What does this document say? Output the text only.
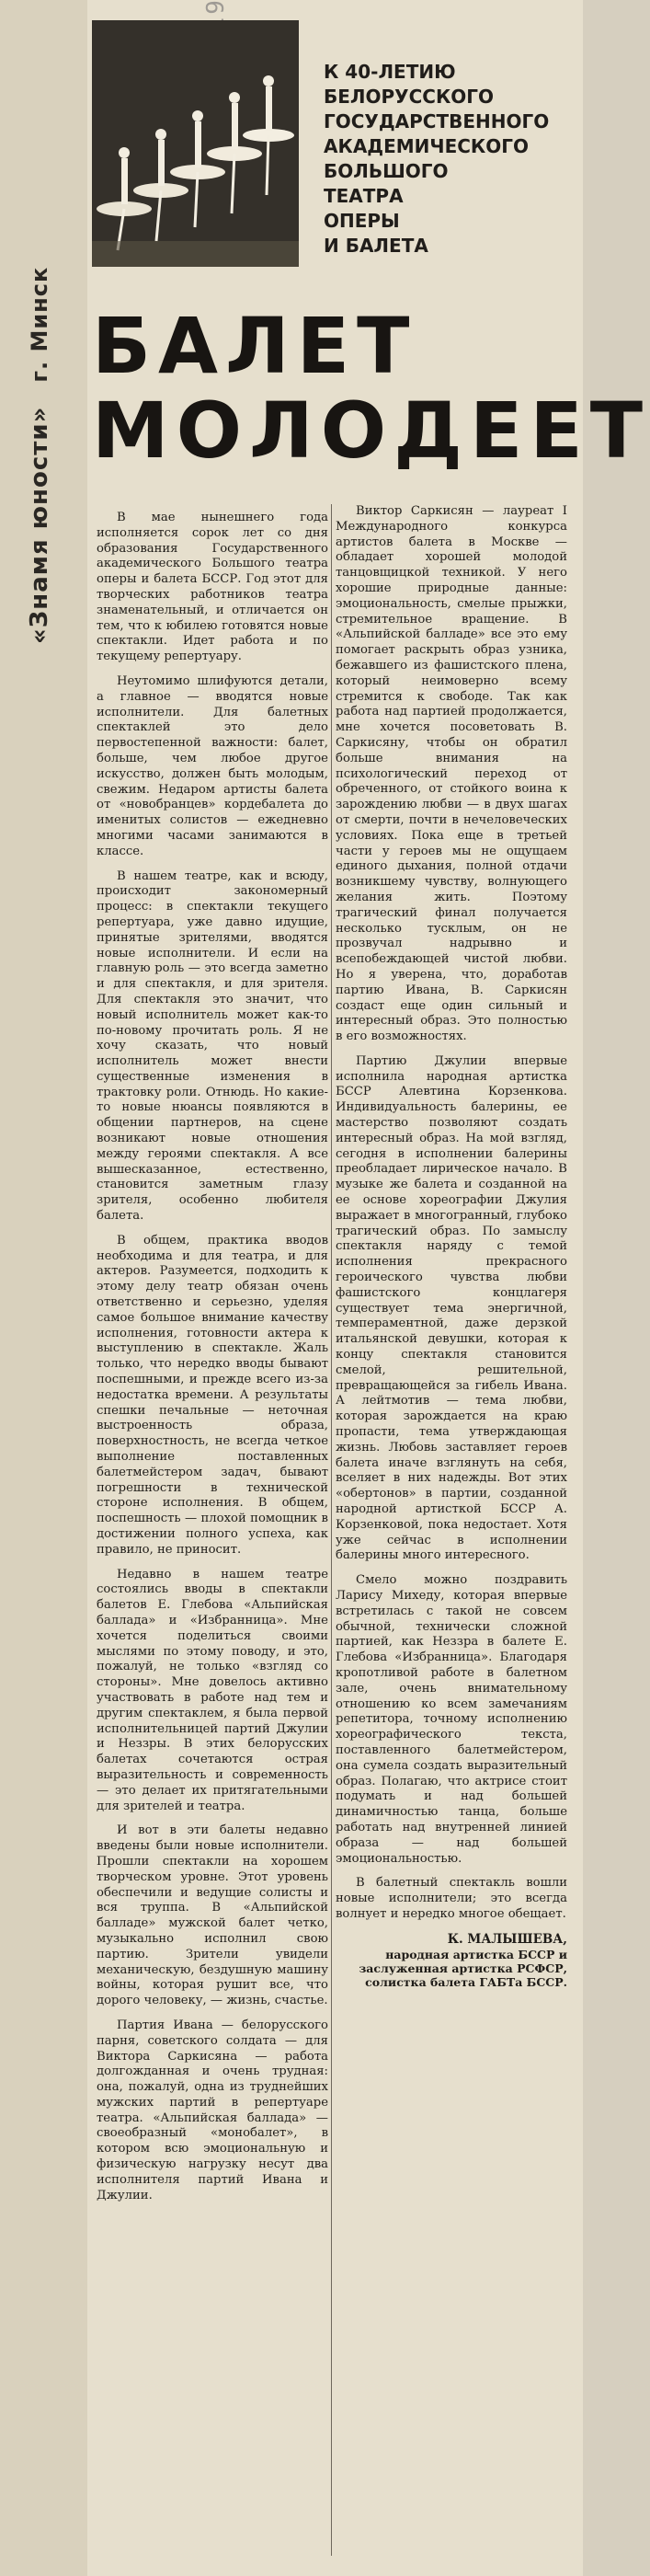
«Знамя юности» г. Минск
К 40-ЛЕТИЮ
БЕЛОРУССКОГО
ГОСУДАРСТВЕННОГО
АКАДЕМИЧЕСКОГО
БОЛЬШОГО
ТЕАТРА
ОПЕРЫ
И БАЛЕТА
БАЛЕТ
МОЛОДЕЕТ

В мае нынешнего года исполняется сорок лет со дня образования Государственного академического Большого театра оперы и балета БССР. Год этот для творческих работников театра знаменательный, и отличается он тем, что к юбилею готовятся новые спектакли. Идет работа и по текущему репертуару.

Неутомимо шлифуются детали, а главное — вводятся новые исполнители. Для балетных спектаклей это дело первостепенной важности: балет, больше, чем любое другое искусство, должен быть молодым, свежим. Недаром артисты балета от «новобранцев» кордебалета до именитых солистов — ежедневно многими часами занимаются в классе.

В нашем театре, как и всюду, происходит закономерный процесс: в спектакли текущего репертуара, уже давно идущие, принятые зрителями, вводятся новые исполнители. И если на главную роль — это всегда заметно и для спектакля, и для зрителя. Для спектакля это значит, что новый исполнитель может как-то по-новому прочитать роль. Я не хочу сказать, что новый исполнитель может внести существенные изменения в трактовку роли. Отнюдь. Но какие-то новые нюансы появляются в общении партнеров, на сцене возникают новые отношения между героями спектакля. А все вышесказанное, естественно, становится заметным глазу зрителя, особенно любителя балета.

В общем, практика вводов необходима и для театра, и для актеров. Разумеется, подходить к этому делу театр обязан очень ответственно и серьезно, уделяя самое большое внимание качеству исполнения, готовности актера к выступлению в спектакле. Жаль только, что нередко вводы бывают поспешными, и прежде всего из-за недостатка времени. А результаты спешки печальные — неточная выстроенность образа, поверхностность, не всегда четкое выполнение поставленных балетмейстером задач, бывают погрешности в технической стороне исполнения. В общем, поспешность — плохой помощник в достижении полного успеха, как правило, не приносит.

Недавно в нашем театре состоялись вводы в спектакли балетов Е. Глебова «Альпийская баллада» и «Избранница». Мне хочется поделиться своими мыслями по этому поводу, и это, пожалуй, не только «взгляд со стороны». Мне довелось активно участвовать в работе над тем и другим спектаклем, я была первой исполнительницей партий Джулии и Неззры. В этих белорусских балетах сочетаются острая выразительность и современность — это делает их притягательными для зрителей и театра.

И вот в эти балеты недавно введены были новые исполнители. Прошли спектакли на хорошем творческом уровне. Этот уровень обеспечили и ведущие солисты и вся труппа. В «Альпийской балладе» мужской балет четко, музыкально исполнил свою партию. Зрители увидели механическую, бездушную машину войны, которая рушит все, что дорого человеку, — жизнь, счастье.

Партия Ивана — белорусского парня, советского солдата — для Виктора Саркисяна — работа долгожданная и очень трудная: она, пожалуй, одна из труднейших мужских партий в репертуаре театра. «Альпийская баллада» — своеобразный «монобалет», в котором всю эмоциональную и физическую нагрузку несут два исполнителя партий Ивана и Джулии.

Виктор Саркисян — лауреат I Международного конкурса артистов балета в Москве — обладает хорошей молодой танцовщицкой техникой. У него хорошие природные данные: эмоциональность, смелые прыжки, стремительное вращение. В «Альпийской балладе» все это ему помогает раскрыть образ узника, бежавшего из фашистского плена, который неимоверно всему стремится к свободе. Так как работа над партией продолжается, мне хочется посоветовать В. Саркисяну, чтобы он обратил больше внимания на психологический переход от обреченного, от стойкого воина к зарождению любви — в двух шагах от смерти, почти в нечеловеческих условиях. Пока еще в третьей части у героев мы не ощущаем единого дыхания, полной отдачи возникшему чувству, волнующего желания жить. Поэтому трагический финал получается несколько тусклым, он не прозвучал надрывно и всепобеждающей чистой любви. Но я уверена, что, доработав партию Ивана, В. Саркисян создаст еще один сильный и интересный образ. Это полностью в его возможностях.

Партию Джулии впервые исполнила народная артистка БССР Алевтина Корзенкова. Индивидуальность балерины, ее мастерство позволяют создать интересный образ. На мой взгляд, сегодня в исполнении балерины преобладает лирическое начало. В музыке же балета и созданной на ее основе хореографии Джулия выражает в многогранный, глубоко трагический образ. По замыслу спектакля наряду с темой исполнения прекрасного героического чувства любви фашистского концлагеря существует тема энергичной, темпераментной, даже дерзкой итальянской девушки, которая к концу спектакля становится смелой, решительной, превращающейся за гибель Ивана. А лейтмотив — тема любви, которая зарождается на краю пропасти, тема утверждающая жизнь. Любовь заставляет героев балета иначе взглянуть на себя, вселяет в них надежды. Вот этих «обертонов» в партии, созданной народной артисткой БССР А. Корзенковой, пока недостает. Хотя уже сейчас в исполнении балерины много интересного.

Смело можно поздравить Ларису Михеду, которая впервые встретилась с такой не совсем обычной, технически сложной партией, как Неззра в балете Е. Глебова «Избранница». Благодаря кропотливой работе в балетном зале, очень внимательному отношению ко всем замечаниям репетитора, точному исполнению хореографического текста, поставленного балетмейстером, она сумела создать выразительный образ. Полагаю, что актрисе стоит подумать и над большей динамичностью танца, больше работать над внутренней линией образа — над большей эмоциональностью.

В балетный спектакль вошли новые исполнители; это всегда волнует и нередко многое обещает.

К. МАЛЫШЕВА,
народная артистка БССР и заслуженная артистка РСФСР, солистка балета ГАБТа БССР.
